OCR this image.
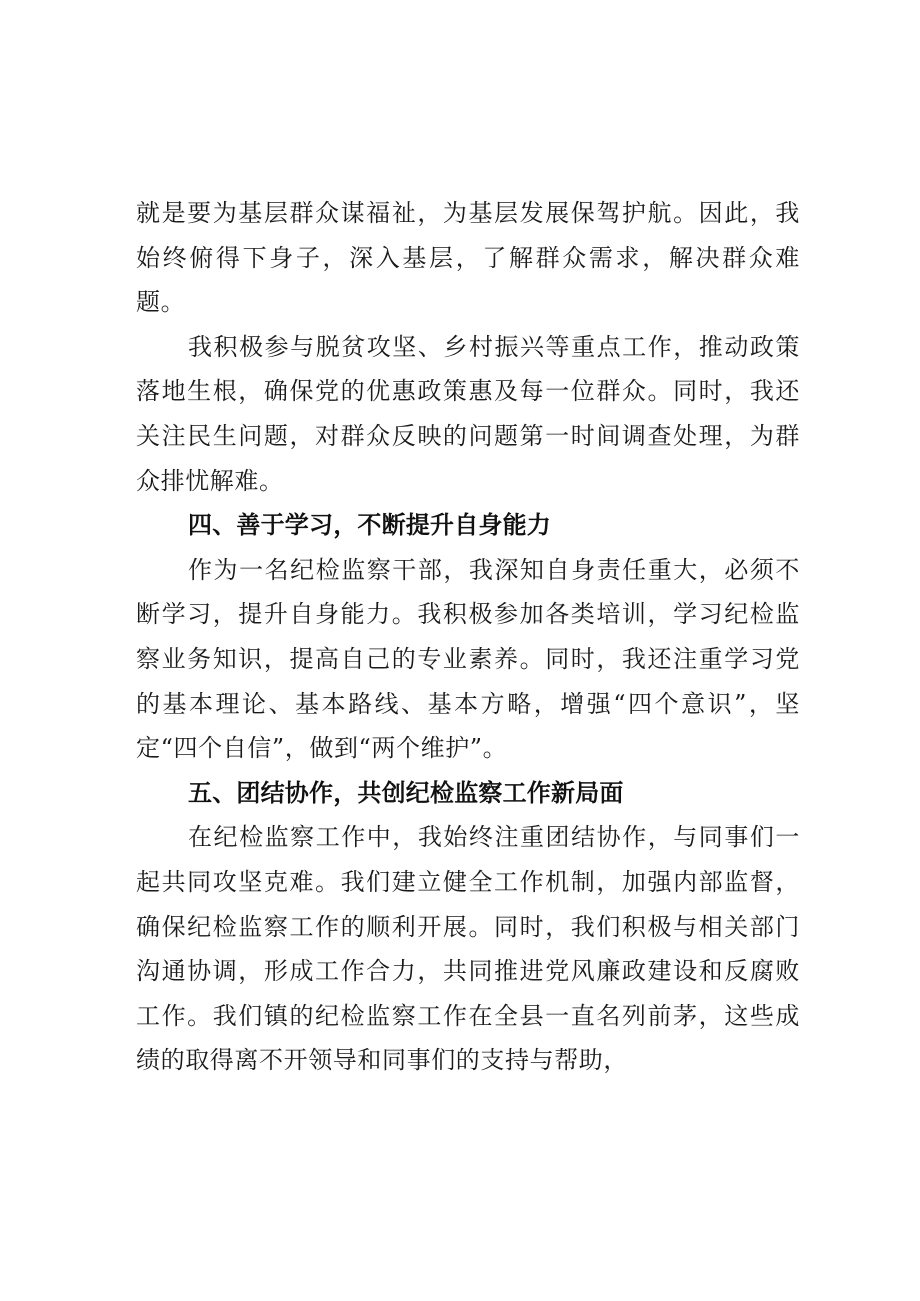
就是要为基层群众谋福祉，为基层发展保驾护航。因此，我始终俯得下身子，深入基层，了解群众需求，解决群众难题。

我积极参与脱贫攻坚、乡村振兴等重点工作，推动政策落地生根，确保党的优惠政策惠及每一位群众。同时，我还关注民生问题，对群众反映的问题第一时间调查处理，为群众排忧解难。

四、善于学习，不断提升自身能力

作为一名纪检监察干部，我深知自身责任重大，必须不断学习，提升自身能力。我积极参加各类培训，学习纪检监察业务知识，提高自己的专业素养。同时，我还注重学习党的基本理论、基本路线、基本方略，增强“四个意识”，坚定“四个自信”，做到“两个维护”。

五、团结协作，共创纪检监察工作新局面

在纪检监察工作中，我始终注重团结协作，与同事们一起共同攻坚克难。我们建立健全工作机制，加强内部监督，确保纪检监察工作的顺利开展。同时，我们积极与相关部门沟通协调，形成工作合力，共同推进党风廉政建设和反腐败工作。我们镇的纪检监察工作在全县一直名列前茅，这些成绩的取得离不开领导和同事们的支持与帮助，
